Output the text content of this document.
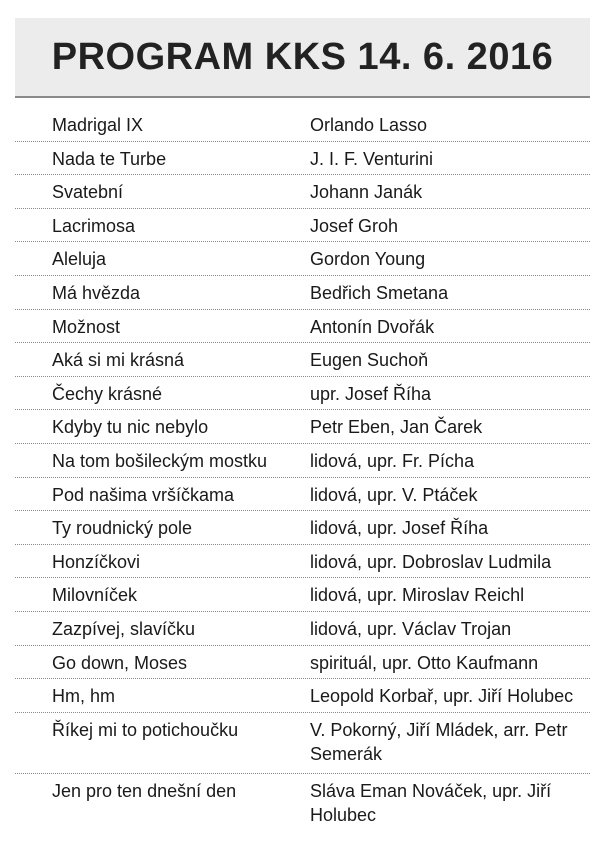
PROGRAM KKS 14. 6. 2016
Madrigal IX	Orlando Lasso
Nada te Turbe	J. I. F. Venturini
Svatební	Johann Janák
Lacrimosa	Josef Groh
Aleluja	Gordon Young
Má hvězda	Bedřich Smetana
Možnost	Antonín Dvořák
Aká si mi krásná	Eugen Suchoň
Čechy krásné	upr. Josef Říha
Kdyby tu nic nebylo	Petr Eben, Jan Čarek
Na tom bošileckým mostku	lidová, upr. Fr. Pícha
Pod našima vršíčkama	lidová, upr. V. Ptáček
Ty roudnický pole	lidová, upr. Josef Říha
Honzíčkovi	lidová, upr. Dobroslav Ludmila
Milovníček	lidová, upr. Miroslav Reichl
Zazpívej, slavíčku	lidová, upr. Václav Trojan
Go down, Moses	spirituál, upr. Otto Kaufmann
Hm, hm	Leopold Korbař, upr. Jiří Holubec
Říkej mi to potichoučku	V. Pokorný, Jiří Mládek, arr. Petr Semerák
Jen pro ten dnešní den	Sláva Eman Nováček, upr. Jiří Holubec
